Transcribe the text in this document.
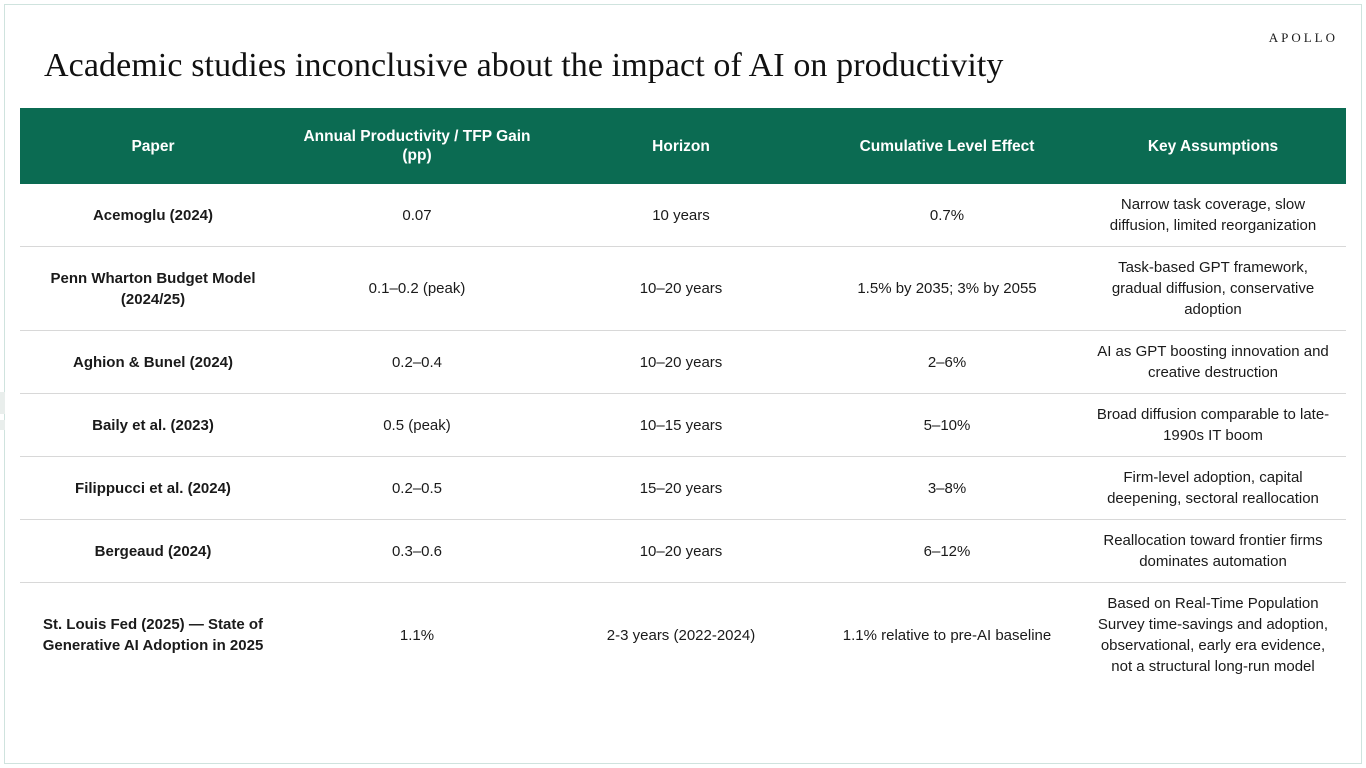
APOLLO
Academic studies inconclusive about the impact of AI on productivity
Paper	Annual Productivity / TFP Gain (pp)	Horizon	Cumulative Level Effect	Key Assumptions
Acemoglu (2024)	0.07	10 years	0.7%	Narrow task coverage, slow diffusion, limited reorganization
Penn Wharton Budget Model (2024/25)	0.1–0.2 (peak)	10–20 years	1.5% by 2035; 3% by 2055	Task-based GPT framework, gradual diffusion, conservative adoption
Aghion & Bunel (2024)	0.2–0.4	10–20 years	2–6%	AI as GPT boosting innovation and creative destruction
Baily et al. (2023)	0.5 (peak)	10–15 years	5–10%	Broad diffusion comparable to late-1990s IT boom
Filippucci et al. (2024)	0.2–0.5	15–20 years	3–8%	Firm-level adoption, capital deepening, sectoral reallocation
Bergeaud (2024)	0.3–0.6	10–20 years	6–12%	Reallocation toward frontier firms dominates automation
St. Louis Fed (2025) — State of Generative AI Adoption in 2025	1.1%	2-3 years (2022-2024)	1.1% relative to pre-AI baseline	Based on Real-Time Population Survey time-savings and adoption, observational, early era evidence, not a structural long-run model
